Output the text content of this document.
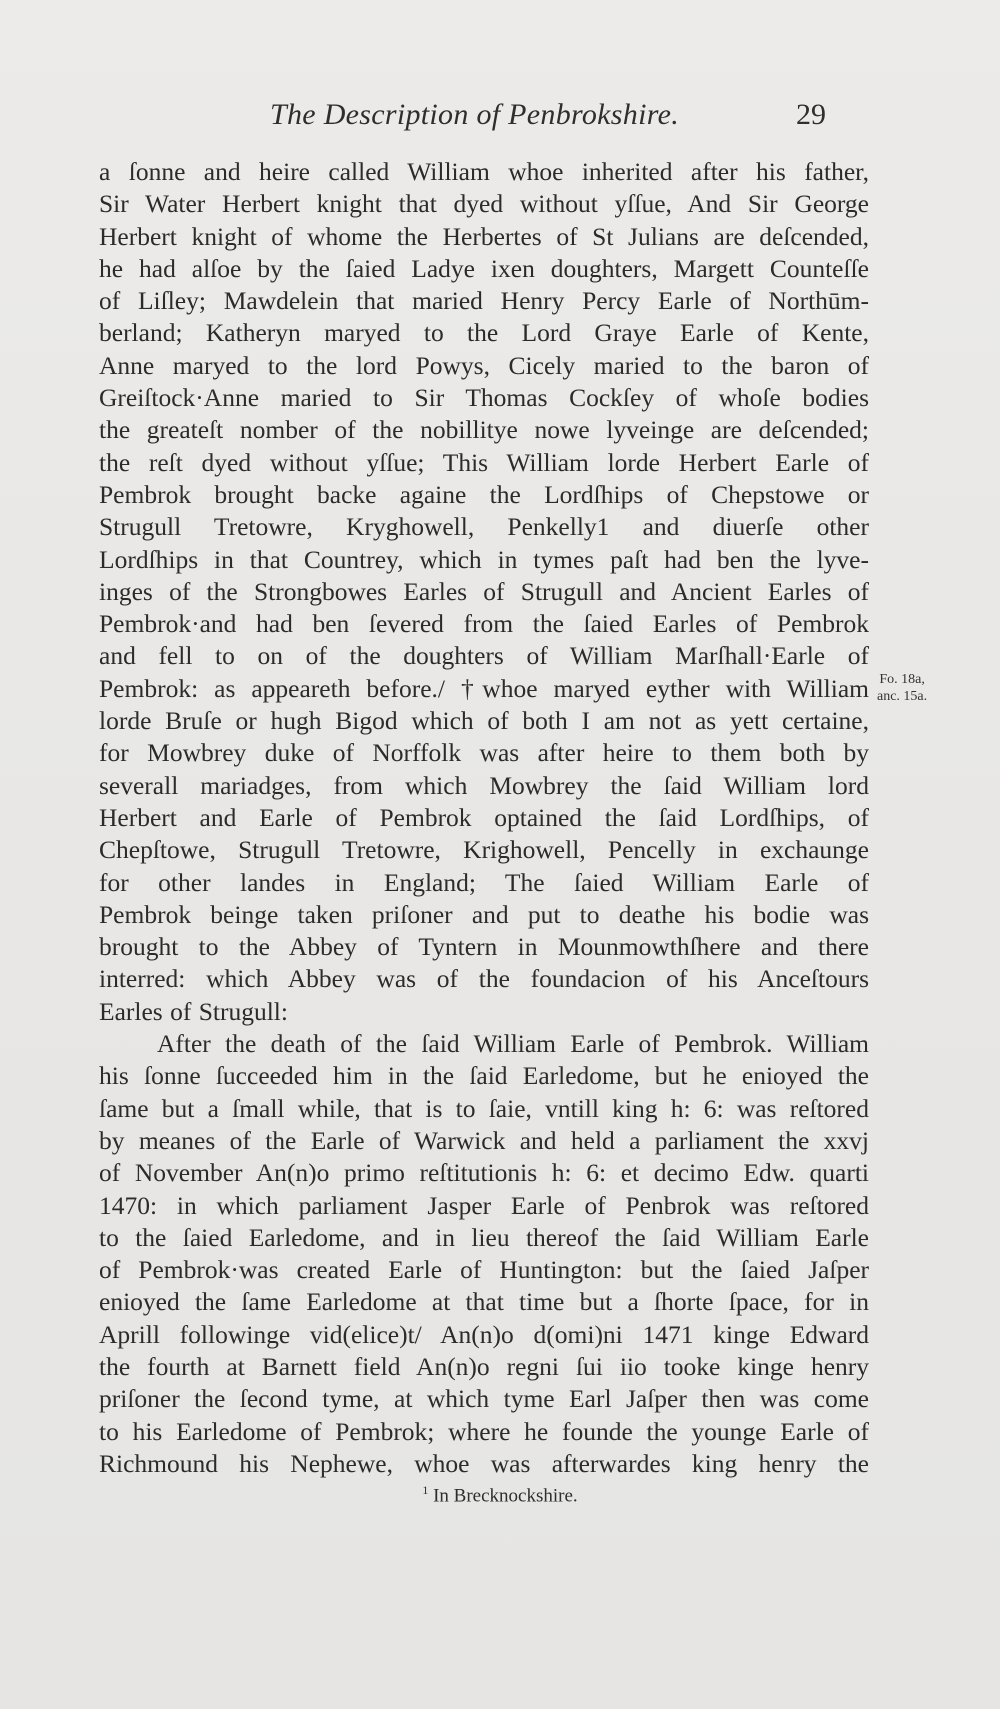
The Description of Penbrokshire.	29
a ſonne and heire called William whoe inherited after his father,
Sir Water Herbert knight that dyed without yſſue, And Sir George
Herbert knight of whome the Herbertes of St Julians are deſcended,
he had alſoe by the ſaied Ladye ixen doughters, Margett Counteſſe
of Liſley; Mawdelein that maried Henry Percy Earle of Northūm-
berland; Katheryn maryed to the Lord Graye Earle of Kente,
Anne maryed to the lord Powys, Cicely maried to the baron of
Greiſtock·Anne maried to Sir Thomas Cockſey of whoſe bodies
the greateſt nomber of the nobillitye nowe lyveinge are deſcended;
the reſt dyed without yſſue; This William lorde Herbert Earle of
Pembrok brought backe againe the Lordſhips of Chepstowe or
Strugull Tretowre, Kryghowell, Penkelly1 and diuerſe other
Lordſhips in that Countrey, which in tymes paſt had ben the lyve-
inges of the Strongbowes Earles of Strugull and Ancient Earles of
Pembrok·and had ben ſevered from the ſaied Earles of Pembrok
and fell to on of the doughters of William Marſhall·Earle of
Pembrok: as appeareth before./ †whoe maryed eyther with William
lorde Bruſe or hugh Bigod which of both I am not as yett certaine,
for Mowbrey duke of Norffolk was after heire to them both by
severall mariadges, from which Mowbrey the ſaid William lord
Herbert and Earle of Pembrok optained the ſaid Lordſhips, of
Chepſtowe, Strugull Tretowre, Krighowell, Pencelly in exchaunge
for other landes in England; The ſaied William Earle of
Pembrok beinge taken priſoner and put to deathe his bodie was
brought to the Abbey of Tyntern in Mounmowthſhere and there
interred: which Abbey was of the foundacion of his Anceſtours
Earles of Strugull:
After the death of the ſaid William Earle of Pembrok. William
his ſonne ſucceeded him in the ſaid Earledome, but he enioyed the
ſame but a ſmall while, that is to ſaie, vntill king h: 6: was reſtored
by meanes of the Earle of Warwick and held a parliament the xxvj
of November An(n)o primo reſtitutionis h: 6: et decimo Edw. quarti
1470: in which parliament Jasper Earle of Penbrok was reſtored
to the ſaied Earledome, and in lieu thereof the ſaid William Earle
of Pembrok·was created Earle of Huntington: but the ſaied Jaſper
enioyed the ſame Earledome at that time but a ſhorte ſpace, for in
Aprill followinge vid(elice)t/ An(n)o d(omi)ni 1471 kinge Edward
the fourth at Barnett field An(n)o regni ſui iio tooke kinge henry
priſoner the ſecond tyme, at which tyme Earl Jaſper then was come
to his Earledome of Pembrok; where he founde the younge Earle of
Richmound his Nephewe, whoe was afterwardes king henry the
Fo. 18a,
anc. 15a.
$^1$ In Brecknockshire.
